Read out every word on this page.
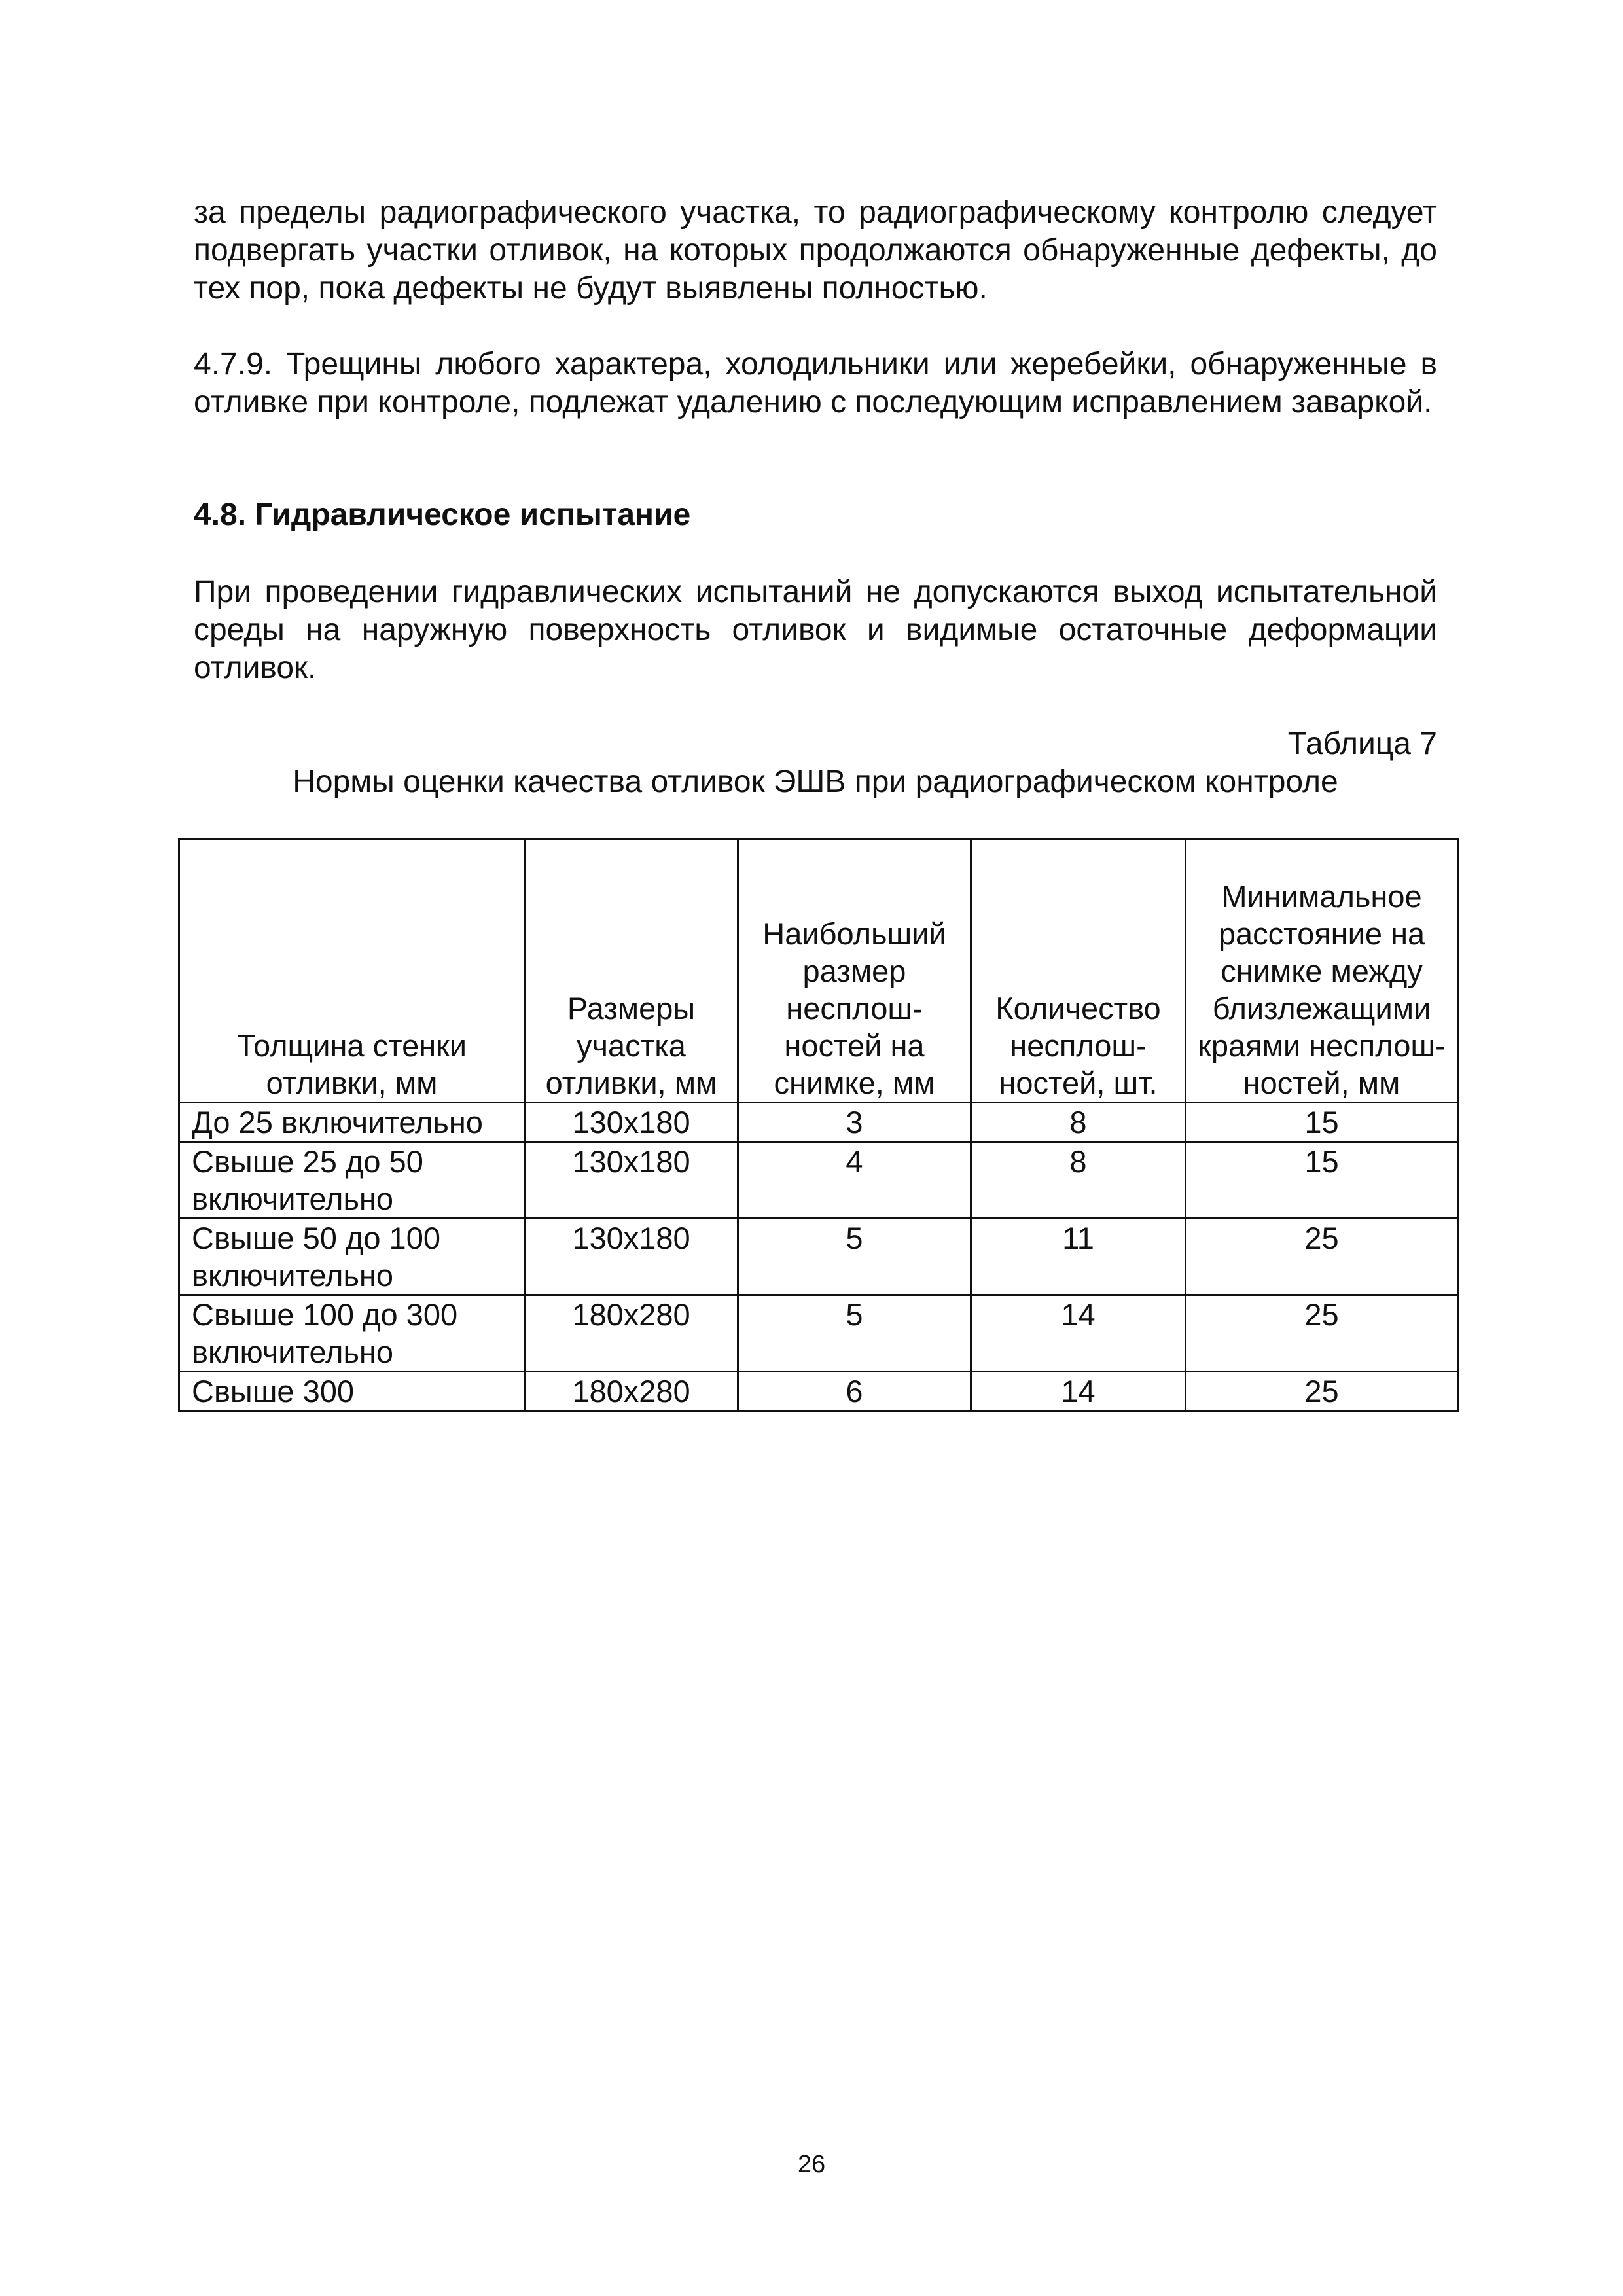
за пределы радиографического участка, то радиографическому контролю следует подвергать участки отливок, на которых продолжаются обнаруженные дефекты, до тех пор, пока дефекты не будут выявлены полностью.

4.7.9. Трещины любого характера, холодильники или жеребейки, обнаруженные в отливке при контроле, подлежат удалению с последующим исправлением заваркой.

4.8. Гидравлическое испытание

При проведении гидравлических испытаний не допускаются выход испытательной среды на наружную поверхность отливок и видимые остаточные деформации отливок.

Таблица 7
Нормы оценки качества отливок ЭШВ при радиографическом контроле
Толщина стенки отливки, мм	Размеры участка отливки, мм	Наибольший размер несплош-ностей на снимке, мм	Количество несплош-ностей, шт.	Минимальное расстояние на снимке между близлежащими краями несплош-ностей, мм
До 25 включительно	130x180	3	8	15
Свыше 25 до 50 включительно	130x180	4	8	15
Свыше 50 до 100 включительно	130x180	5	11	25
Свыше 100 до 300 включительно	180x280	5	14	25
Свыше 300	180x280	6	14	25
26
